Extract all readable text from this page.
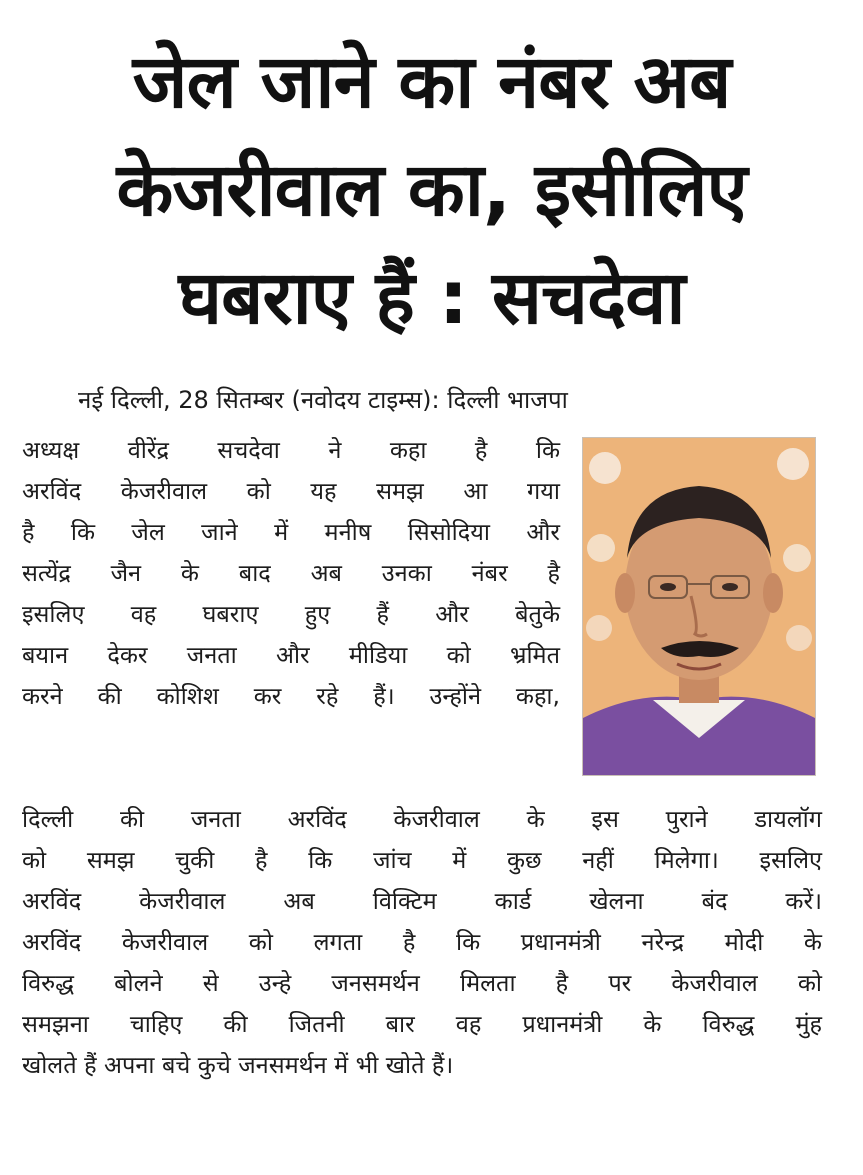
जेल जाने का नंबर अब
केजरीवाल का, इसीलिए
घबराए हैं : सचदेवा
नई दिल्ली, 28 सितम्बर (नवोदय टाइम्स): दिल्ली भाजपा
अध्यक्ष वीरेंद्र सचदेवा ने कहा है कि
अरविंद केजरीवाल को यह समझ आ गया
है कि जेल जाने में मनीष सिसोदिया और
सत्येंद्र जैन के बाद अब उनका नंबर है
इसलिए वह घबराए हुए हैं और बेतुके
बयान देकर जनता और मीडिया को भ्रमित
करने की कोशिश कर रहे हैं। उन्होंने कहा,
दिल्ली की जनता अरविंद केजरीवाल के इस पुराने डायलॉग
को समझ चुकी है कि जांच में कुछ नहीं मिलेगा। इसलिए
अरविंद केजरीवाल अब विक्टिम कार्ड खेलना बंद करें।
अरविंद केजरीवाल को लगता है कि प्रधानमंत्री नरेन्द्र मोदी के
विरुद्ध बोलने से उन्हे जनसमर्थन मिलता है पर केजरीवाल को
समझना चाहिए की जितनी बार वह प्रधानमंत्री के विरुद्ध मुंह
खोलते हैं अपना बचे कुचे जनसमर्थन में भी खोते हैं।
